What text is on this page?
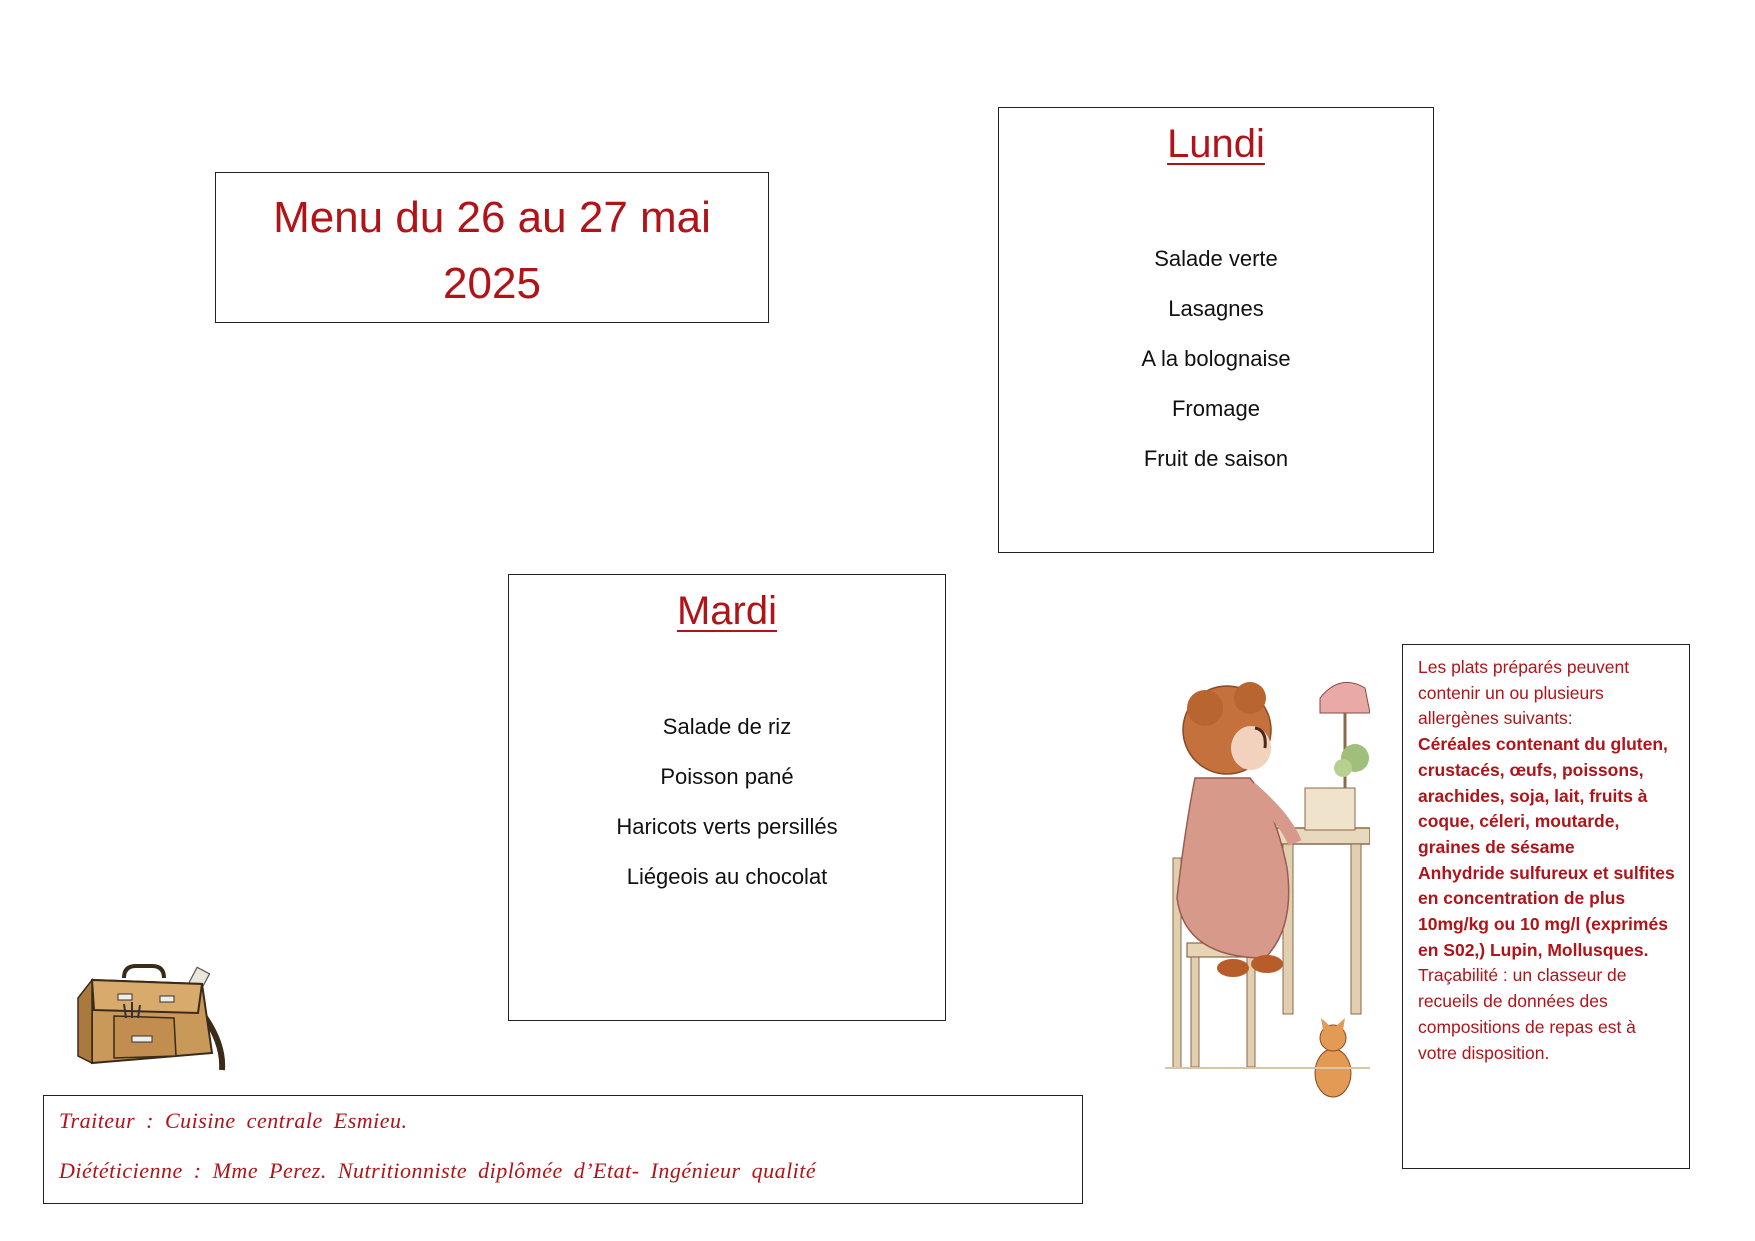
Menu du 26 au 27 mai
2025
Lundi
Salade verte
Lasagnes
A la bolognaise
Fromage
Fruit de saison
Mardi
Salade de riz
Poisson pané
Haricots verts persillés
Liégeois au chocolat

Traiteur : Cuisine centrale Esmieu.

Diététicienne : Mme Perez. Nutritionniste diplômée d’Etat- Ingénieur qualité

Les plats préparés peuvent contenir un ou plusieurs allergènes suivants:
Céréales contenant du gluten, crustacés, œufs, poissons, arachides, soja, lait, fruits à coque, céleri, moutarde, graines de sésame
Anhydride sulfureux et sulfites en concentration de plus 10mg/kg ou 10 mg/l (exprimés en S02,) Lupin, Mollusques.
Traçabilité : un classeur de recueils de données des compositions de repas est à votre disposition.
